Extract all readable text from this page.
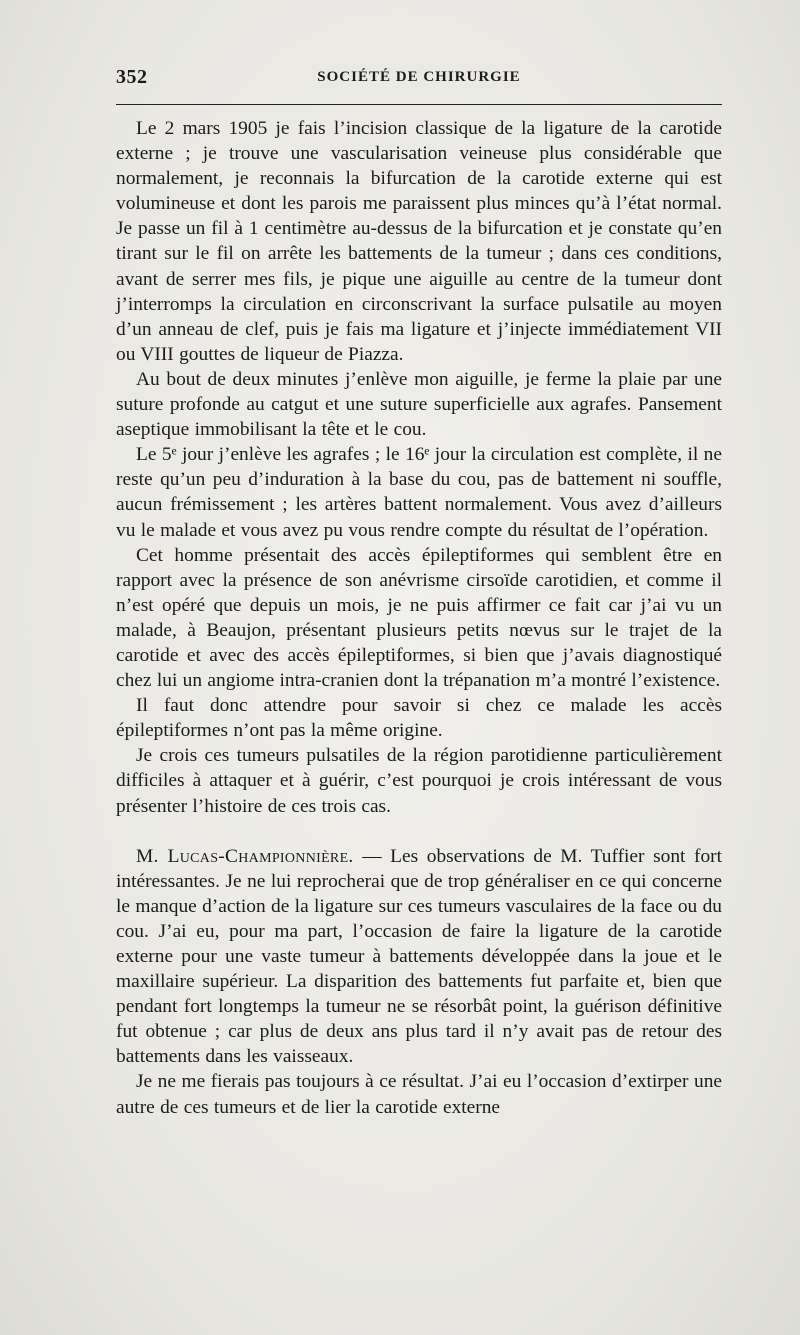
352	SOCIÉTÉ DE CHIRURGIE

Le 2 mars 1905 je fais l’incision classique de la ligature de la carotide externe ; je trouve une vascularisation veineuse plus considérable que normalement, je reconnais la bifurcation de la carotide externe qui est volumineuse et dont les parois me paraissent plus minces qu’à l’état normal. Je passe un fil à 1 centimètre au-dessus de la bifurcation et je constate qu’en tirant sur le fil on arrête les battements de la tumeur ; dans ces conditions, avant de serrer mes fils, je pique une aiguille au centre de la tumeur dont j’interromps la circulation en circonscrivant la surface pulsatile au moyen d’un anneau de clef, puis je fais ma ligature et j’injecte immédiatement VII ou VIII gouttes de liqueur de Piazza.

Au bout de deux minutes j’enlève mon aiguille, je ferme la plaie par une suture profonde au catgut et une suture superficielle aux agrafes. Pansement aseptique immobilisant la tête et le cou.

Le 5ᵉ jour j’enlève les agrafes ; le 16ᵉ jour la circulation est complète, il ne reste qu’un peu d’induration à la base du cou, pas de battement ni souffle, aucun frémissement ; les artères battent normalement. Vous avez d’ailleurs vu le malade et vous avez pu vous rendre compte du résultat de l’opération.

Cet homme présentait des accès épileptiformes qui semblent être en rapport avec la présence de son anévrisme cirsoïde carotidien, et comme il n’est opéré que depuis un mois, je ne puis affirmer ce fait car j’ai vu un malade, à Beaujon, présentant plusieurs petits nœvus sur le trajet de la carotide et avec des accès épileptiformes, si bien que j’avais diagnostiqué chez lui un angiome intra-cranien dont la trépanation m’a montré l’existence.

Il faut donc attendre pour savoir si chez ce malade les accès épileptiformes n’ont pas la même origine.

Je crois ces tumeurs pulsatiles de la région parotidienne particulièrement difficiles à attaquer et à guérir, c’est pourquoi je crois intéressant de vous présenter l’histoire de ces trois cas.

M. Lucas-Championnière. — Les observations de M. Tuffier sont fort intéressantes. Je ne lui reprocherai que de trop généraliser en ce qui concerne le manque d’action de la ligature sur ces tumeurs vasculaires de la face ou du cou. J’ai eu, pour ma part, l’occasion de faire la ligature de la carotide externe pour une vaste tumeur à battements développée dans la joue et le maxillaire supérieur. La disparition des battements fut parfaite et, bien que pendant fort longtemps la tumeur ne se résorbât point, la guérison définitive fut obtenue ; car plus de deux ans plus tard il n’y avait pas de retour des battements dans les vaisseaux.

Je ne me fierais pas toujours à ce résultat. J’ai eu l’occasion d’extirper une autre de ces tumeurs et de lier la carotide externe
